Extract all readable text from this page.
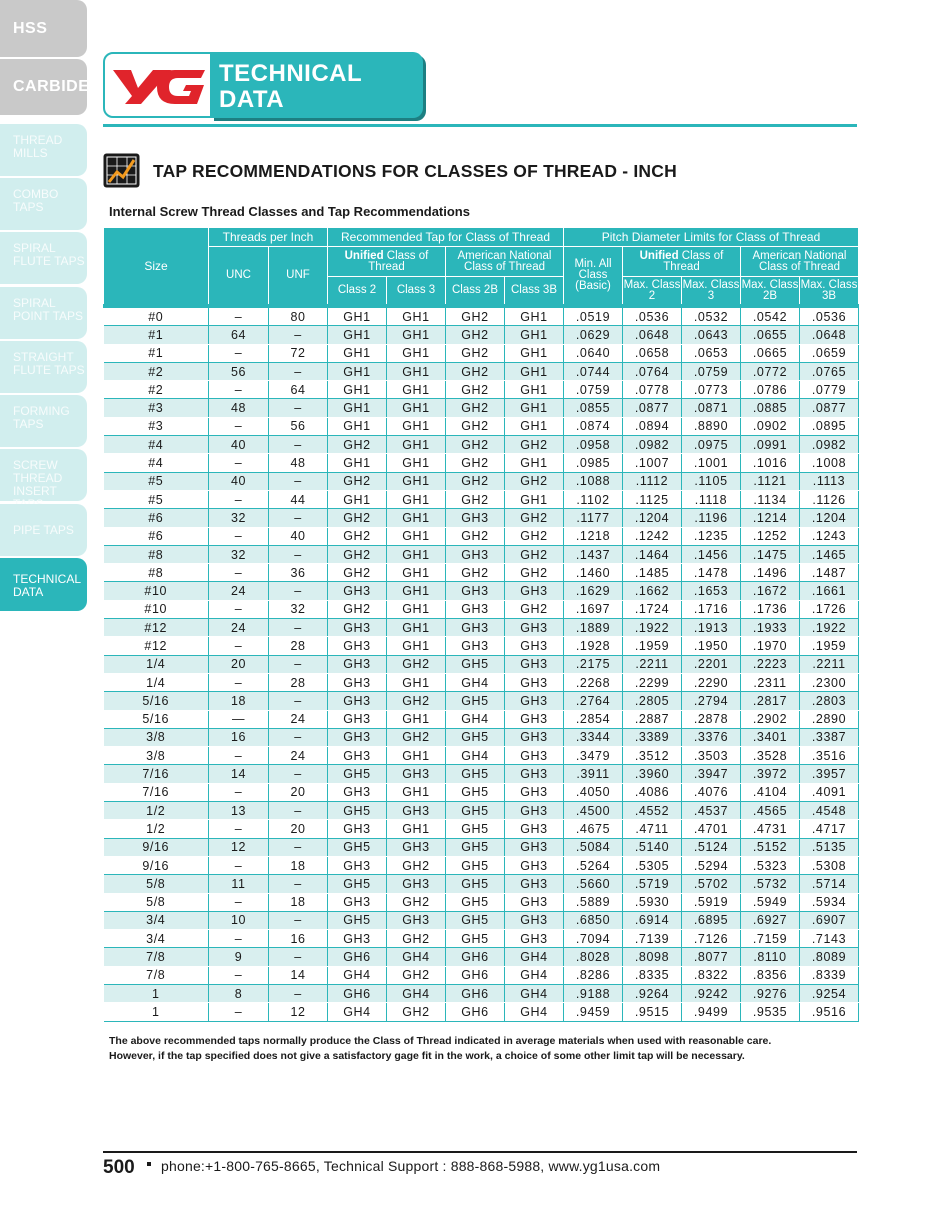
HSS
CARBIDE
THREAD MILLS
COMBO TAPS
SPIRAL FLUTE TAPS
SPIRAL POINT TAPS
STRAIGHT FLUTE TAPS
FORMING TAPS
SCREW THREAD INSERT
PIPE TAPS
TECHNICAL DATA
TECHNICAL
DATA
TAP RECOMMENDATIONS FOR CLASSES OF THREAD - INCH
Internal Screw Thread Classes and Tap Recommendations
Size	Threads per Inch		Recommended Tap for Class of Thread				Pitch Diameter Limits for Class of Thread				
	UNC	UNF	Unified Class of Thread		American National Class of Thread		Min. All Class (Basic)	Unified Class of Thread		American National Class of Thread	
			Class 2	Class 3	Class 2B	Class 3B		Max. Class 2	Max. Class 3	Max. Class 2B	Max. Class 3B
#0	–	80	GH1	GH1	GH2	GH1	.0519	.0536	.0532	.0542	.0536
#1	64	–	GH1	GH1	GH2	GH1	.0629	.0648	.0643	.0655	.0648
#1	–	72	GH1	GH1	GH2	GH1	.0640	.0658	.0653	.0665	.0659
#2	56	–	GH1	GH1	GH2	GH1	.0744	.0764	.0759	.0772	.0765
#2	–	64	GH1	GH1	GH2	GH1	.0759	.0778	.0773	.0786	.0779
#3	48	–	GH1	GH1	GH2	GH1	.0855	.0877	.0871	.0885	.0877
#3	–	56	GH1	GH1	GH2	GH1	.0874	.0894	.8890	.0902	.0895
#4	40	–	GH2	GH1	GH2	GH2	.0958	.0982	.0975	.0991	.0982
#4	–	48	GH1	GH1	GH2	GH1	.0985	.1007	.1001	.1016	.1008
#5	40	–	GH2	GH1	GH2	GH2	.1088	.1112	.1105	.1121	.1113
#5	–	44	GH1	GH1	GH2	GH1	.1102	.1125	.1118	.1134	.1126
#6	32	–	GH2	GH1	GH3	GH2	.1177	.1204	.1196	.1214	.1204
#6	–	40	GH2	GH1	GH2	GH2	.1218	.1242	.1235	.1252	.1243
#8	32	–	GH2	GH1	GH3	GH2	.1437	.1464	.1456	.1475	.1465
#8	–	36	GH2	GH1	GH2	GH2	.1460	.1485	.1478	.1496	.1487
#10	24	–	GH3	GH1	GH3	GH3	.1629	.1662	.1653	.1672	.1661
#10	–	32	GH2	GH1	GH3	GH2	.1697	.1724	.1716	.1736	.1726
#12	24	–	GH3	GH1	GH3	GH3	.1889	.1922	.1913	.1933	.1922
#12	–	28	GH3	GH1	GH3	GH3	.1928	.1959	.1950	.1970	.1959
1/4	20	–	GH3	GH2	GH5	GH3	.2175	.2211	.2201	.2223	.2211
1/4	–	28	GH3	GH1	GH4	GH3	.2268	.2299	.2290	.2311	.2300
5/16	18	–	GH3	GH2	GH5	GH3	.2764	.2805	.2794	.2817	.2803
5/16	—	24	GH3	GH1	GH4	GH3	.2854	.2887	.2878	.2902	.2890
3/8	16	–	GH3	GH2	GH5	GH3	.3344	.3389	.3376	.3401	.3387
3/8	–	24	GH3	GH1	GH4	GH3	.3479	.3512	.3503	.3528	.3516
7/16	14	–	GH5	GH3	GH5	GH3	.3911	.3960	.3947	.3972	.3957
7/16	–	20	GH3	GH1	GH5	GH3	.4050	.4086	.4076	.4104	.4091
1/2	13	–	GH5	GH3	GH5	GH3	.4500	.4552	.4537	.4565	.4548
1/2	–	20	GH3	GH1	GH5	GH3	.4675	.4711	.4701	.4731	.4717
9/16	12	–	GH5	GH3	GH5	GH3	.5084	.5140	.5124	.5152	.5135
9/16	–	18	GH3	GH2	GH5	GH3	.5264	.5305	.5294	.5323	.5308
5/8	11	–	GH5	GH3	GH5	GH3	.5660	.5719	.5702	.5732	.5714
5/8	–	18	GH3	GH2	GH5	GH3	.5889	.5930	.5919	.5949	.5934
3/4	10	–	GH5	GH3	GH5	GH3	.6850	.6914	.6895	.6927	.6907
3/4	–	16	GH3	GH2	GH5	GH3	.7094	.7139	.7126	.7159	.7143
7/8	9	–	GH6	GH4	GH6	GH4	.8028	.8098	.8077	.8110	.8089
7/8	–	14	GH4	GH2	GH6	GH4	.8286	.8335	.8322	.8356	.8339
1	8	–	GH6	GH4	GH6	GH4	.9188	.9264	.9242	.9276	.9254
1	–	12	GH4	GH2	GH6	GH4	.9459	.9515	.9499	.9535	.9516
The above recommended taps normally produce the Class of Thread indicated in average materials when used with reasonable care.
However, if the tap specified does not give a satisfactory gage fit in the work, a choice of some other limit tap will be necessary.
500 phone:+1-800-765-8665, Technical Support : 888-868-5988, www.yg1usa.com
